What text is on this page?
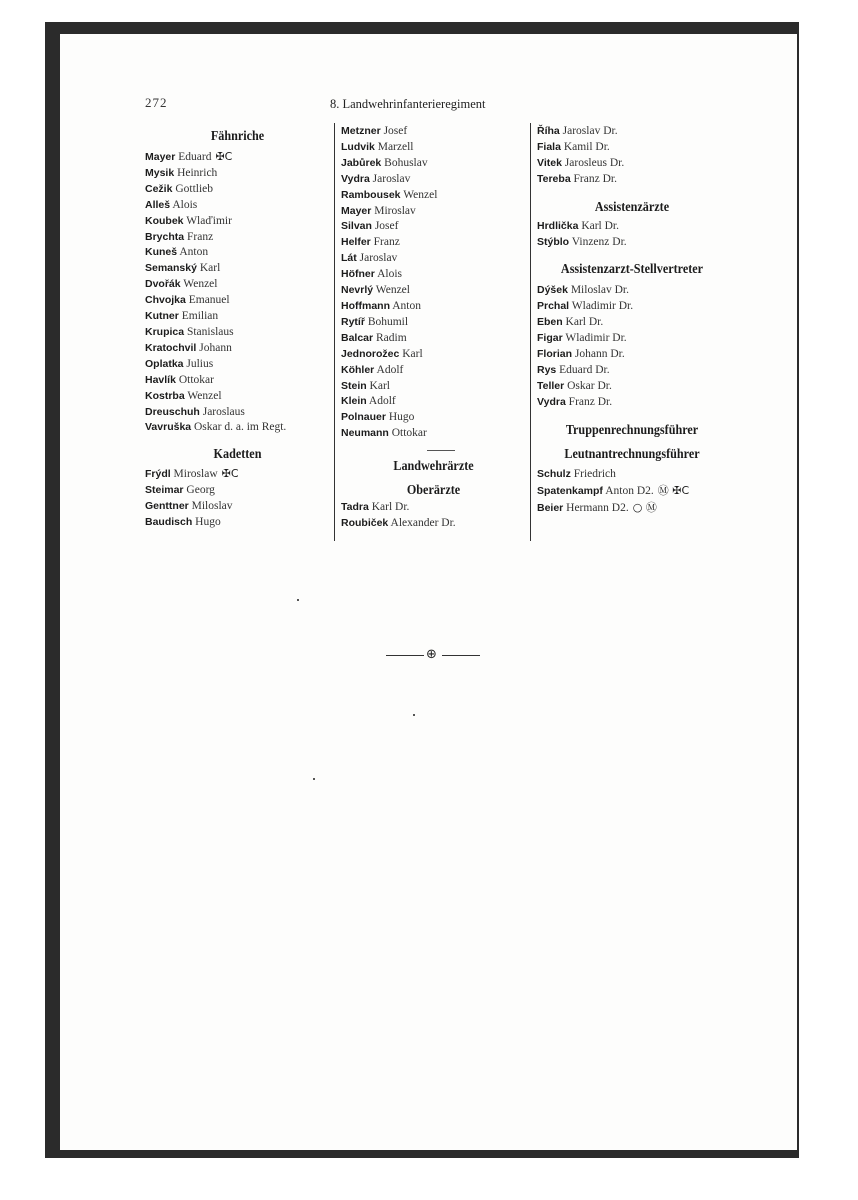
272	8. Landwehrinfanterieregiment
Fähnriche
Mayer Eduard ✠C
Mysik Heinrich
Cežik Gottlieb
Alleš Alois
Koubek Wlaďimir
Brychta Franz
Kuneš Anton
Semanský Karl
Dvořák Wenzel
Chvojka Emanuel
Kutner Emilian
Krupica Stanislaus
Kratochvil Johann
Oplatka Julius
Havlík Ottokar
Kostrba Wenzel
Dreuschuh Jaroslaus
Vavruška Oskar d. a. im Regt.
Kadetten
Frýdl Miroslaw ✠C
Steimar Georg
Genttner Miloslav
Baudisch Hugo
Metzner Josef
Ludvik Marzell
Jabůrek Bohuslav
Vydra Jaroslav
Rambousek Wenzel
Mayer Miroslav
Silvan Josef
Helfer Franz
Lát Jaroslav
Höfner Alois
Nevrlý Wenzel
Hoffmann Anton
Rytíř Bohumil
Balcar Radim
Jednorožec Karl
Köhler Adolf
Stein Karl
Klein Adolf
Polnauer Hugo
Neumann Ottokar
Landwehrärzte
Oberärzte
Tadra Karl Dr.
Roubiček Alexander Dr.
Říha Jaroslav Dr.
Fiala Kamil Dr.
Vitek Jarosleus Dr.
Tereba Franz Dr.
Assistenzärzte
Hrdlička Karl Dr.
Stýblo Vinzenz Dr.
Assistenzarzt-Stellvertreter
Dýšek Miloslav Dr.
Prchal Wladimir Dr.
Eben Karl Dr.
Figar Wladimir Dr.
Florian Johann Dr.
Rys Eduard Dr.
Teller Oskar Dr.
Vydra Franz Dr.
Truppenrechnungsführer
Leutnantrechnungsführer
Schulz Friedrich
Spatenkampf Anton D2. Ⓜ ✠C
Beier Hermann D2. ○ Ⓜ
⊕
